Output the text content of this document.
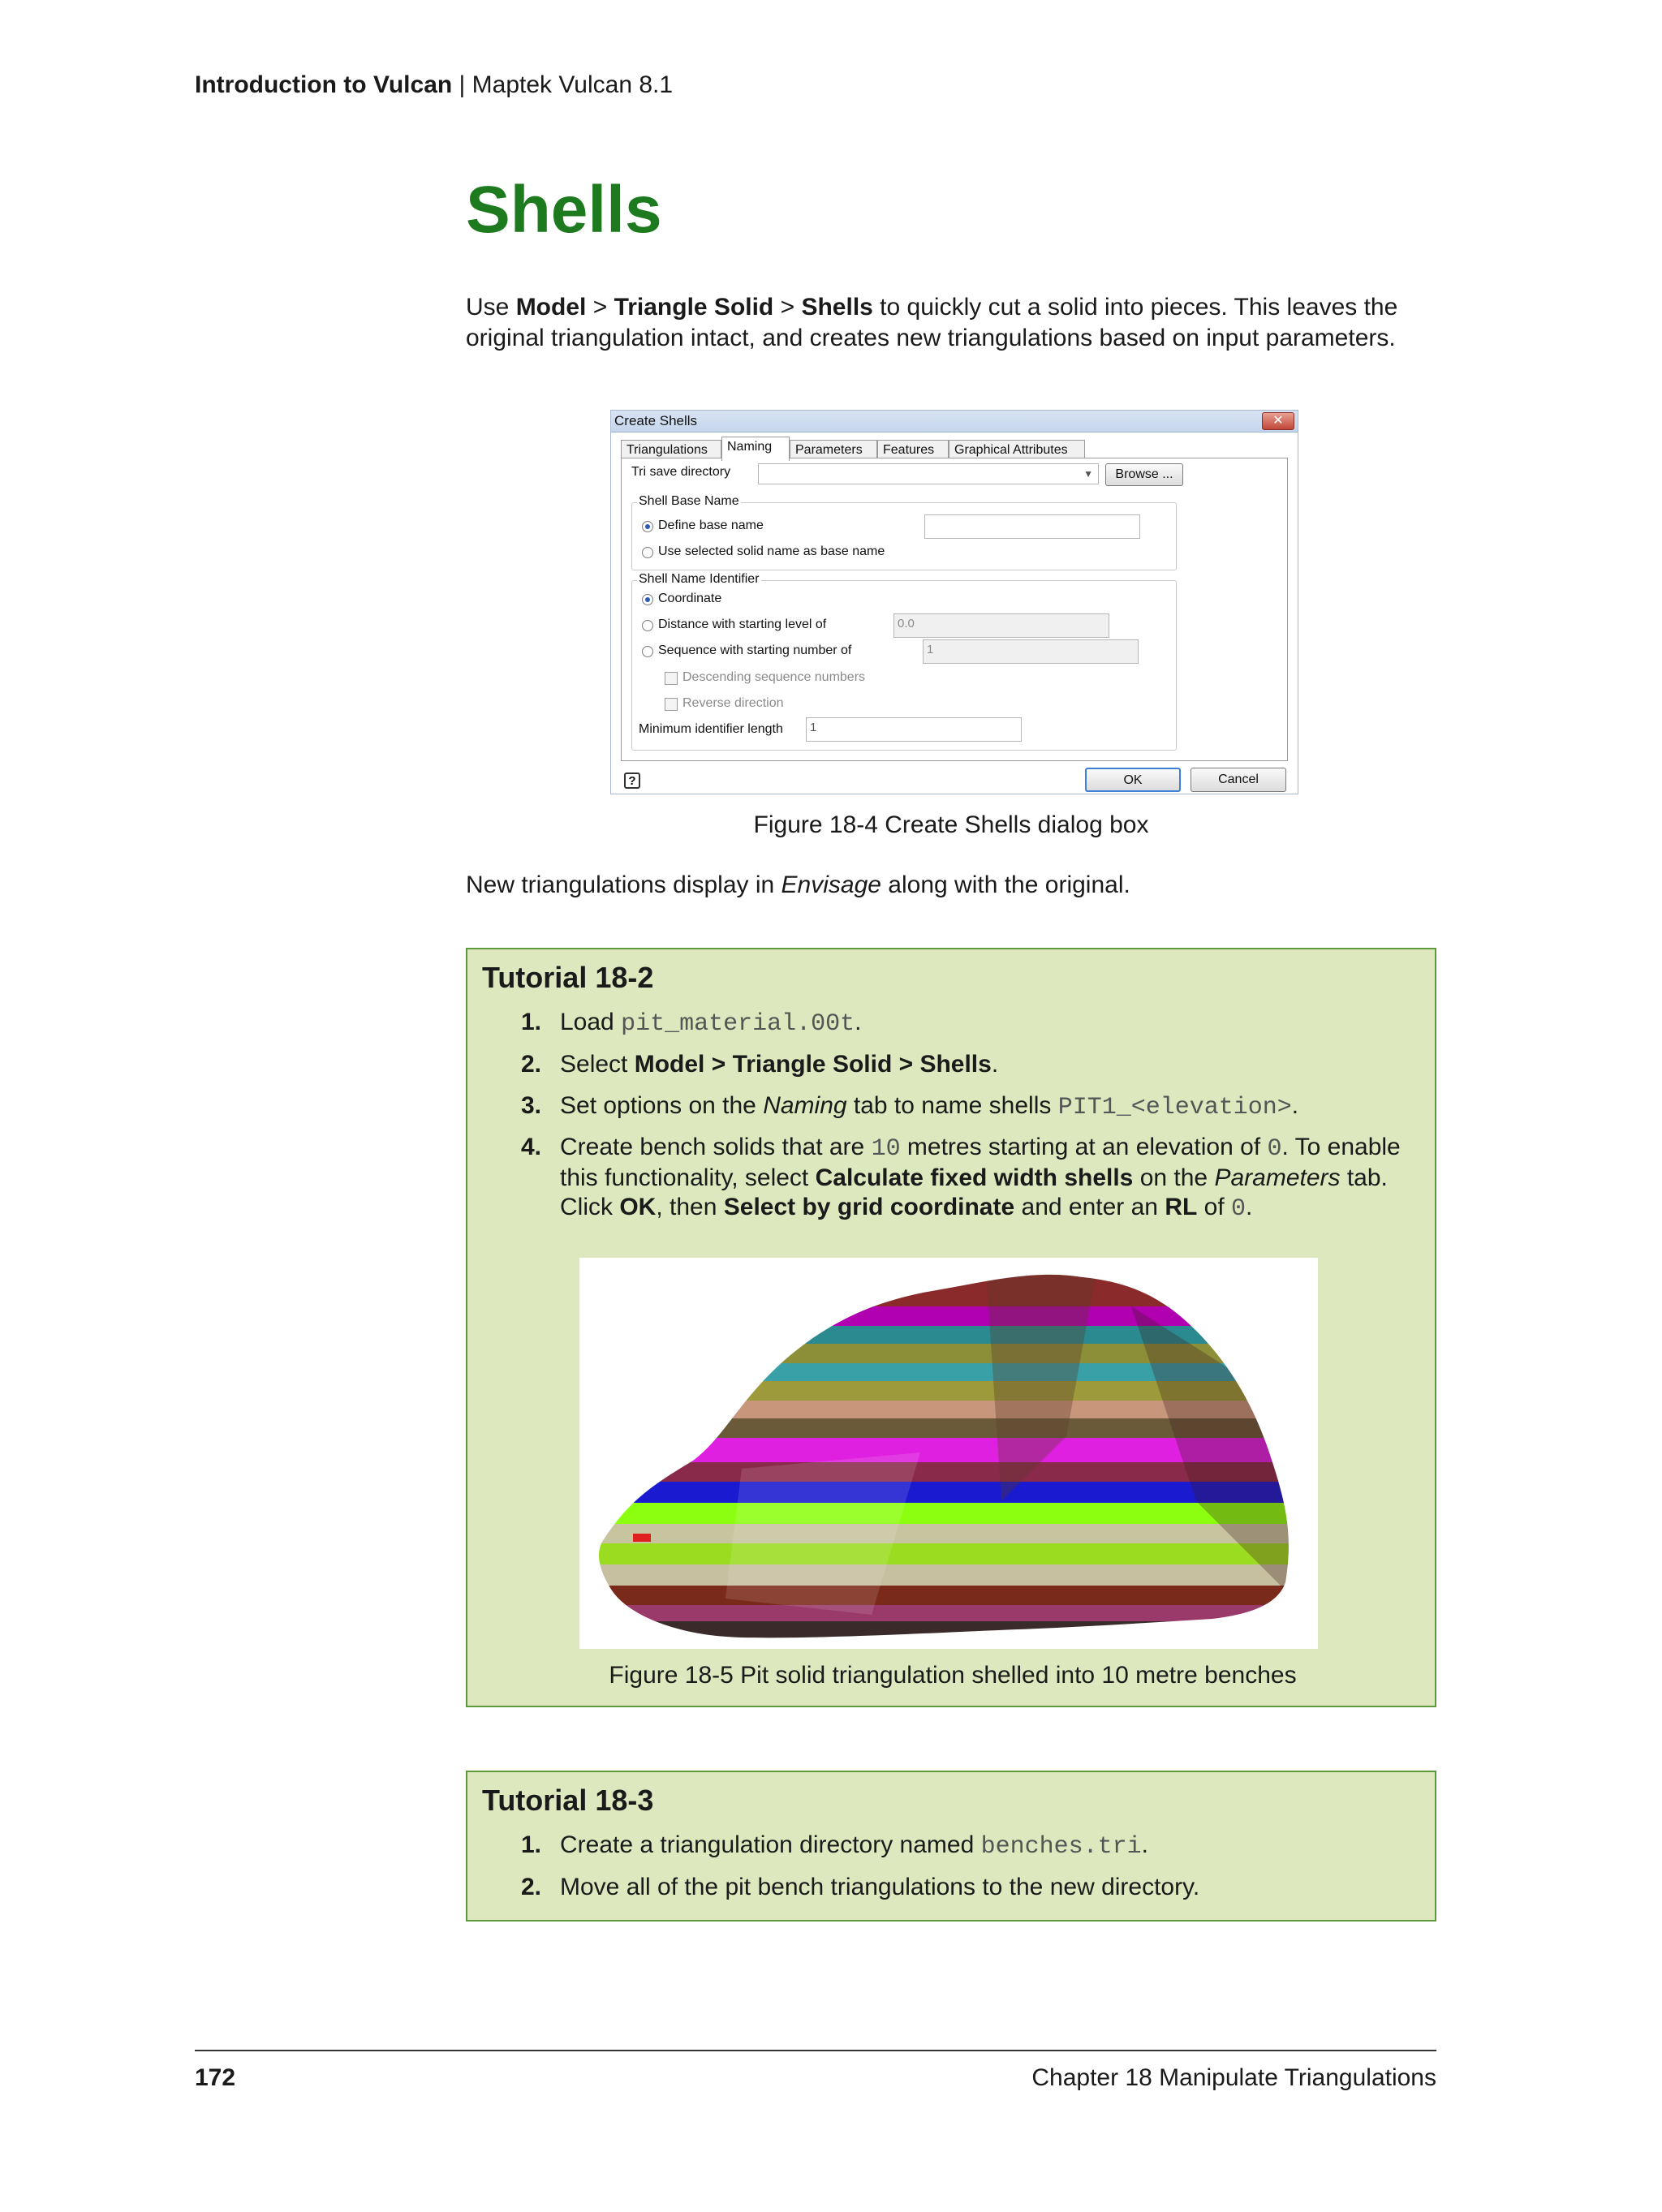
Introduction to Vulcan | Maptek Vulcan 8.1
Shells

Use Model > Triangle Solid > Shells to quickly cut a solid into pieces. This leaves the original triangulation intact, and creates new triangulations based on input parameters.

Create Shells	✕
Triangulations	Naming	Parameters	Features	Graphical Attributes
Tri save directory	▼	Browse ...
Shell Base Name
Define base name
Use selected solid name as base name
Shell Name Identifier
Coordinate
Distance with starting level of	0.0
Sequence with starting number of	1
Descending sequence numbers
Reverse direction
Minimum identifier length	1
?	OK	Cancel
Figure 18-4 Create Shells dialog box

New triangulations display in Envisage along with the original.

Tutorial 18-2
1. Load pit_material.00t.
2. Select Model > Triangle Solid > Shells.
3. Set options on the Naming tab to name shells PIT1_<elevation>.
4. Create bench solids that are 10 metres starting at an elevation of 0. To enable this functionality, select Calculate fixed width shells on the Parameters tab. Click OK, then Select by grid coordinate and enter an RL of 0.
Figure 18-5 Pit solid triangulation shelled into 10 metre benches
Tutorial 18-3
1. Create a triangulation directory named benches.tri.
2. Move all of the pit bench triangulations to the new directory.
172	Chapter 18 Manipulate Triangulations
